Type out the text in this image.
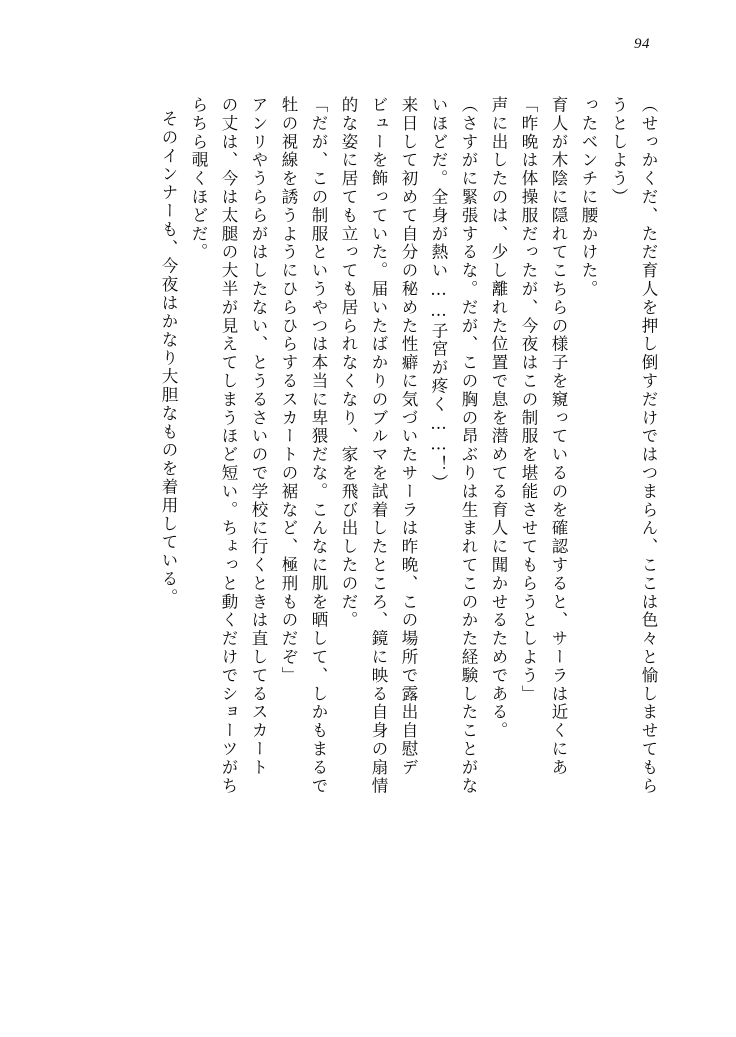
94
（せっかくだ、ただ育人を押し倒すだけではつまらん、ここは色々と愉しませてもら
うとしよう）
ったベンチに腰かけた。
育人が木陰に隠れてこちらの様子を窺っているのを確認すると、サーラは近くにあ
「昨晩は体操服だったが、今夜はこの制服を堪能させてもらうとしよう」
声に出したのは、少し離れた位置で息を潜めてる育人に聞かせるためである。
（さすがに緊張するな。だが、この胸の昂ぶりは生まれてこのかた経験したことがな
いほどだ。全身が熱い……子宮が疼く……！）
来日して初めて自分の秘めた性癖に気づいたサーラは昨晩、この場所で露出自慰デ
ビューを飾っていた。届いたばかりのブルマを試着したところ、鏡に映る自身の扇情
的な姿に居ても立っても居られなくなり、家を飛び出したのだ。
「だが、この制服というやつは本当に卑猥だな。こんなに肌を晒して、しかもまるで
牡の視線を誘うようにひらひらするスカートの裾など、極刑ものだぞ」
アンリやうららがはしたない、とうるさいので学校に行くときは直してるスカート
の丈は、今は太腿の大半が見えてしまうほど短い。ちょっと動くだけでショーツがち
らちら覗くほどだ。
そのインナーも、今夜はかなり大胆なものを着用している。
